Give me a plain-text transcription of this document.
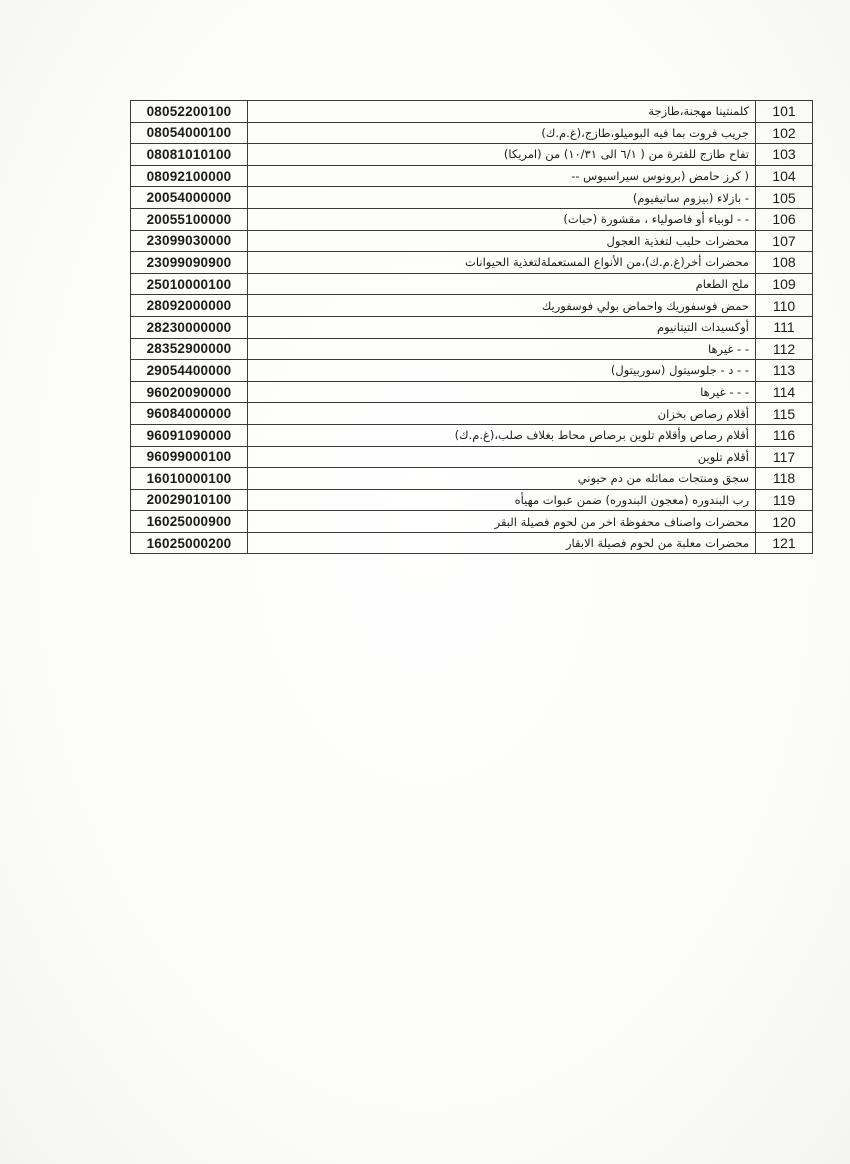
08052200100	كلمنتينا مهجنة،طازجة	101
08054000100	جريب فروت بما فيه البوميلو،طازج،(غ.م.ك)	102
08081010100	تفاح طازج للفترة من ( ٦/١ الى ١٠/٣١) من (امريكا)	103
08092100000	( كرز حامض (برونوس سيراسيوس --	104
20054000000	- بازلاء (بيزوم ساتيفيوم)	105
20055100000	- - لوبياء أو فاصولياء ، مقشورة (حبات)	106
23099030000	محضرات حليب لتغذية العجول	107
23099090900	محضرات أخر(غ.م.ك)،من الأنواع المستعملةلتغذية الحيوانات	108
25010000100	ملح الطعام	109
28092000000	حمض فوسفوريك واحماض بولي فوسفوريك	110
28230000000	أوكسيدات التيتانيوم	111
28352900000	- - غيرها	112
29054400000	- - د - جلوسيتول (سوربيتول)	113
96020090000	- - - غيرها	114
96084000000	أقلام رصاص بخزان	115
96091090000	أقلام رصاص وأقلام تلوين برصاص محاط بغلاف صلب،(غ.م.ك)	116
96099000100	أقلام تلوين	117
16010000100	سجق ومنتجات مماثله من دم حيوني	118
20029010100	رب البندوره (معجون البندوره) ضمن عبوات مهيأه	119
16025000900	محضرات واصناف محفوظة اخر من لحوم فصيلة البقر	120
16025000200	محضرات معلبة من لحوم فصيلة الابقار	121
